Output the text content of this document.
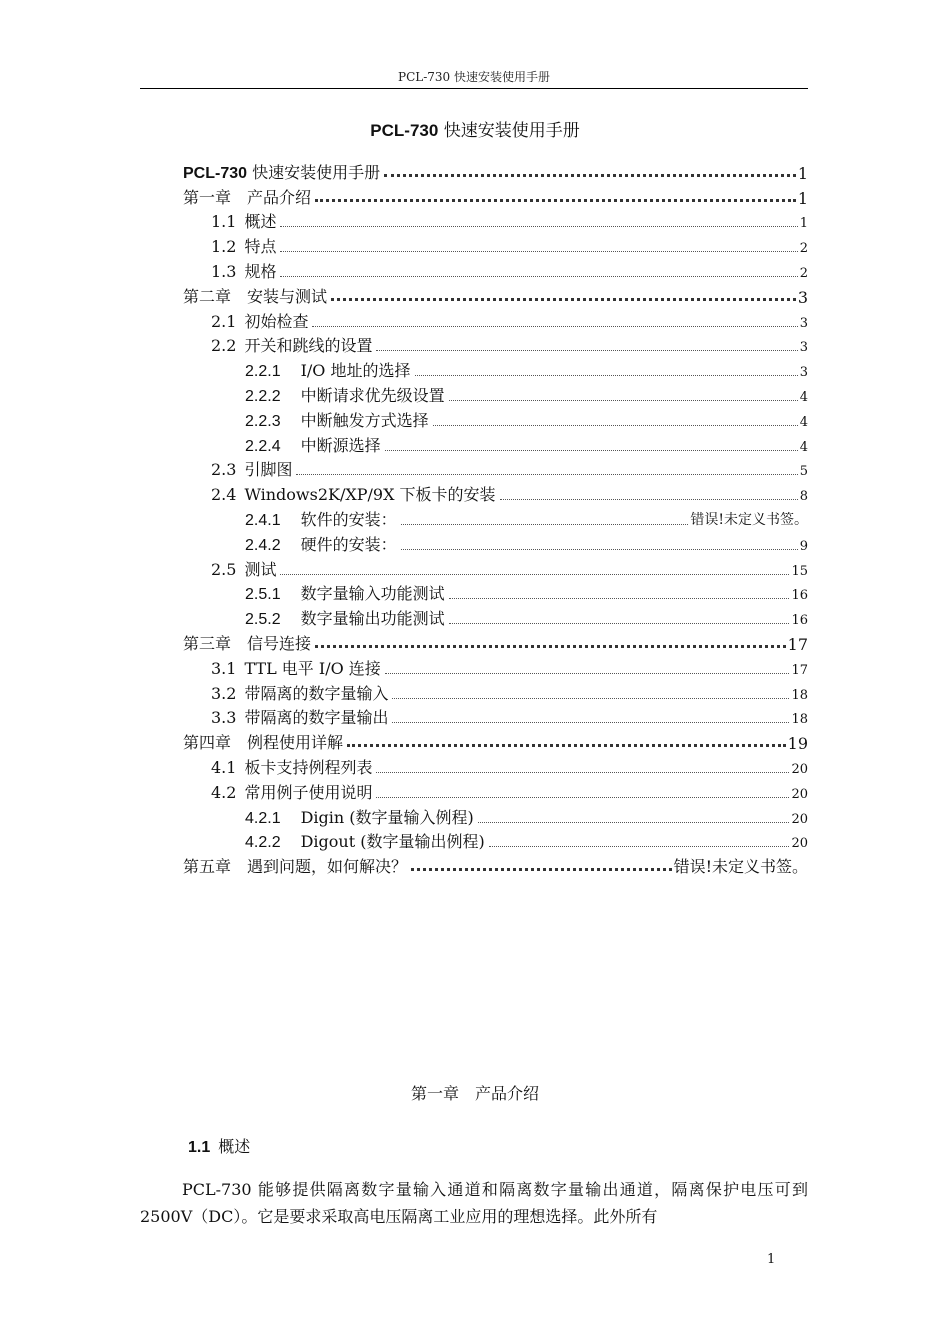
PCL-730 快速安装使用手册
PCL-730 快速安装使用手册
PCL-730 快速安装使用手册	1
第一章 产品介绍	1
1.1 概述	1
1.2 特点	2
1.3 规格	2
第二章 安装与测试	3
2.1 初始检查	3
2.2 开关和跳线的设置	3
2.2.1 I/O 地址的选择	3
2.2.2 中断请求优先级设置	4
2.2.3 中断触发方式选择	4
2.2.4 中断源选择	4
2.3 引脚图	5
2.4 Windows2K/XP/9X 下板卡的安装	8
2.4.1 软件的安装：	错误!未定义书签。
2.4.2 硬件的安装：	9
2.5 测试	15
2.5.1 数字量输入功能测试	16
2.5.2 数字量输出功能测试	16
第三章 信号连接	17
3.1 TTL 电平 I/O 连接	17
3.2 带隔离的数字量输入	18
3.3 带隔离的数字量输出	18
第四章 例程使用详解	19
4.1 板卡支持例程列表	20
4.2 常用例子使用说明	20
4.2.1 Digin (数字量输入例程)	20
4.2.2 Digout (数字量输出例程)	20
第五章 遇到问题，如何解决？	错误!未定义书签。
第一章　产品介绍
1.1 概述
PCL-730 能够提供隔离数字量输入通道和隔离数字量输出通道，隔离保护电压可到 2500V（DC）。它是要求采取高电压隔离工业应用的理想选择。此外所有
1
